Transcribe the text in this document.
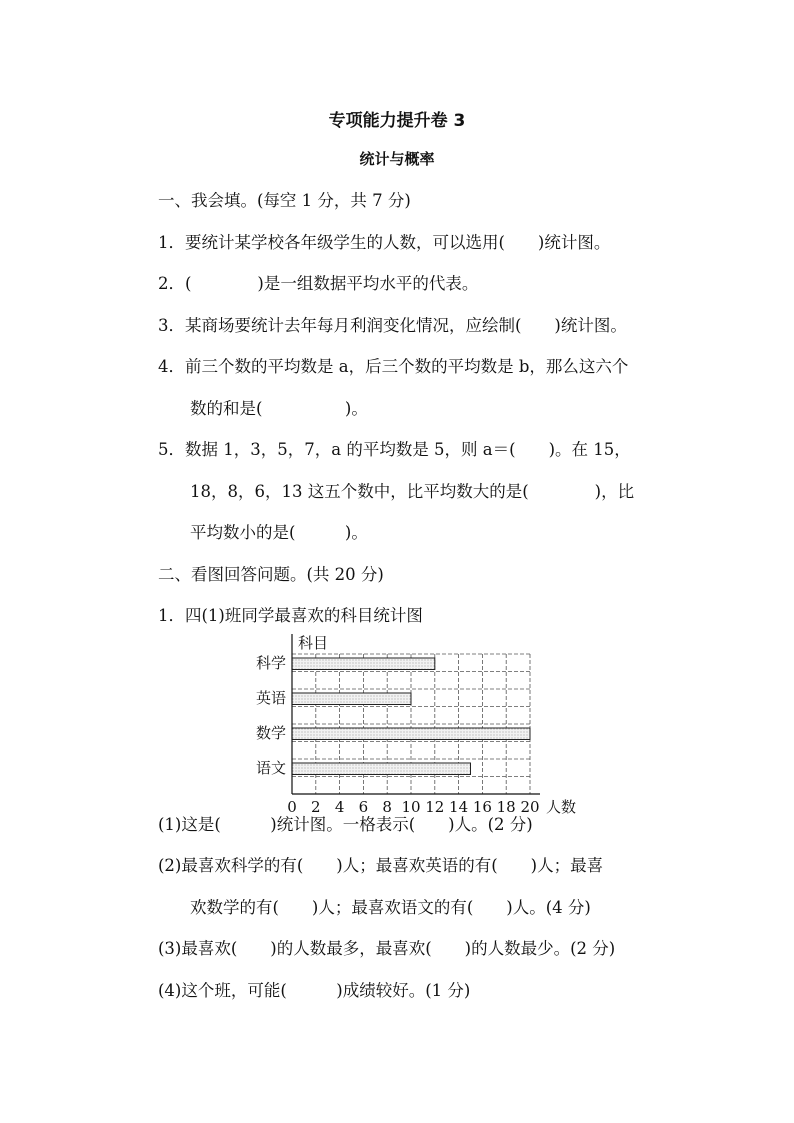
专项能力提升卷 3
统计与概率
一、我会填。(每空 1 分，共 7 分)
1．要统计某学校各年级学生的人数，可以选用(　　)统计图。
2．(　　　　)是一组数据平均水平的代表。
3．某商场要统计去年每月利润变化情况，应绘制(　　)统计图。
4．前三个数的平均数是 a，后三个数的平均数是 b，那么这六个
数的和是(　　　　　)。
5．数据 1，3，5，7，a 的平均数是 5，则 a＝(　　)。在 15，
18，8，6，13 这五个数中，比平均数大的是(　　　　)，比
平均数小的是(　　　)。
二、看图回答问题。(共 20 分)
1．四(1)班同学最喜欢的科目统计图
科学
英语
数学
语文
0 2 4 6 8 10 12 14 16 18 20
科目
人数
(1)这是(　　　)统计图。一格表示(　　)人。(2 分)
(2)最喜欢科学的有(　　)人；最喜欢英语的有(　　)人；最喜
欢数学的有(　　)人；最喜欢语文的有(　　)人。(4 分)
(3)最喜欢(　　)的人数最多，最喜欢(　　)的人数最少。(2 分)
(4)这个班，可能(　　　)成绩较好。(1 分)
